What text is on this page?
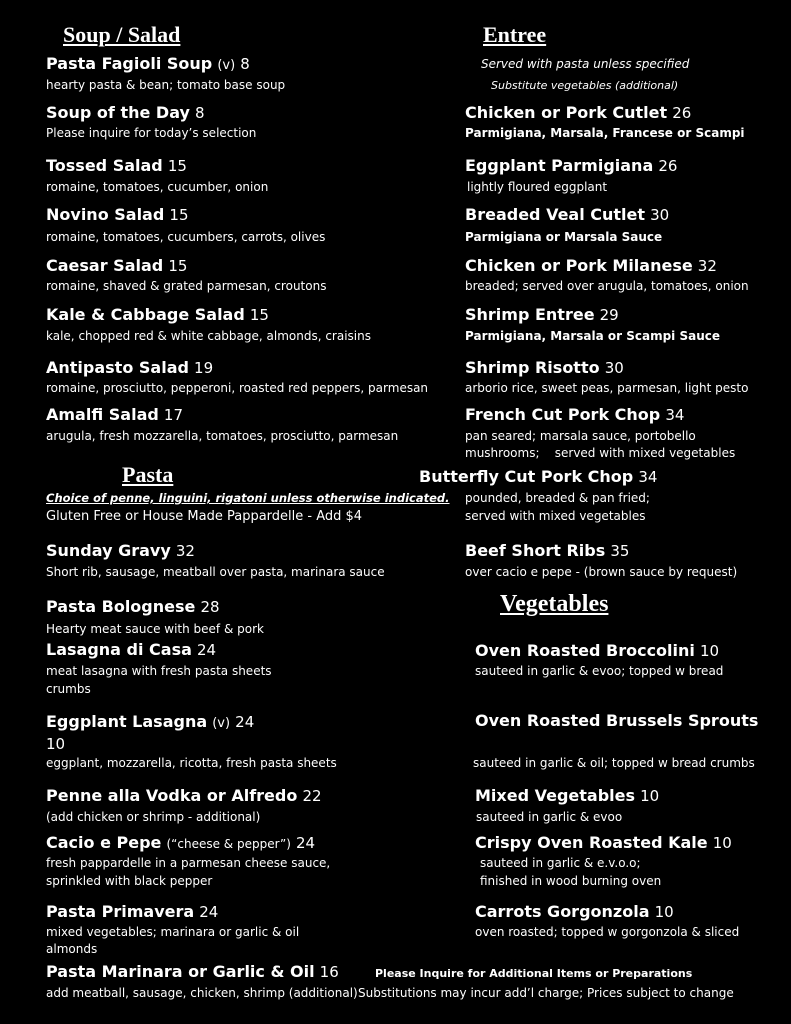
Soup / Salad	Entree
Pasta
Vegetables
Pasta Fagioli Soup (v) 8
hearty pasta & bean; tomato base soup
Soup of the Day 8
Please inquire for today’s selection
Tossed Salad 15
romaine, tomatoes, cucumber, onion
Novino Salad 15
romaine, tomatoes, cucumbers, carrots, olives
Caesar Salad 15
romaine, shaved & grated parmesan, croutons
Kale & Cabbage Salad 15
kale, chopped red & white cabbage, almonds, craisins
Antipasto Salad 19
romaine, prosciutto, pepperoni, roasted red peppers, parmesan
Amalfi Salad 17
arugula, fresh mozzarella, tomatoes, prosciutto, parmesan
Served with pasta unless specified
Substitute vegetables (additional)
Chicken or Pork Cutlet 26
Parmigiana, Marsala, Francese or Scampi
Eggplant Parmigiana 26
lightly floured eggplant
Breaded Veal Cutlet 30
Parmigiana or Marsala Sauce
Chicken or Pork Milanese 32
breaded; served over arugula, tomatoes, onion
Shrimp Entree 29
Parmigiana, Marsala or Scampi Sauce
Shrimp Risotto 30
arborio rice, sweet peas, parmesan, light pesto
French Cut Pork Chop 34
pan seared; marsala sauce, portobello
mushrooms;    served with mixed vegetables
Butterfly Cut Pork Chop 34
pounded, breaded & pan fried;
served with mixed vegetables
Beef Short Ribs 35
over cacio e pepe - (brown sauce by request)
Choice of penne, linguini, rigatoni unless otherwise indicated.
Gluten Free or House Made Pappardelle - Add $4
Sunday Gravy 32
Short rib, sausage, meatball over pasta, marinara sauce
Pasta Bolognese 28
Hearty meat sauce with beef & pork
Lasagna di Casa 24
meat lasagna with fresh pasta sheets
crumbs
Eggplant Lasagna (v) 24
10
eggplant, mozzarella, ricotta, fresh pasta sheets
Penne alla Vodka or Alfredo 22
(add chicken or shrimp - additional)
Cacio e Pepe (“cheese & pepper”) 24
fresh pappardelle in a parmesan cheese sauce,
sprinkled with black pepper
Pasta Primavera 24
mixed vegetables; marinara or garlic & oil
almonds
Pasta Marinara or Garlic & Oil 16
add meatball, sausage, chicken, shrimp (additional)
Oven Roasted Broccolini 10
sauteed in garlic & evoo; topped w bread
Oven Roasted Brussels Sprouts
sauteed in garlic & oil; topped w bread crumbs
Mixed Vegetables 10
sauteed in garlic & evoo
Crispy Oven Roasted Kale 10
sauteed in garlic & e.v.o.o;
finished in wood burning oven
Carrots Gorgonzola 10
oven roasted; topped w gorgonzola & sliced
Please Inquire for Additional Items or Preparations
Substitutions may incur add’l charge; Prices subject to change
